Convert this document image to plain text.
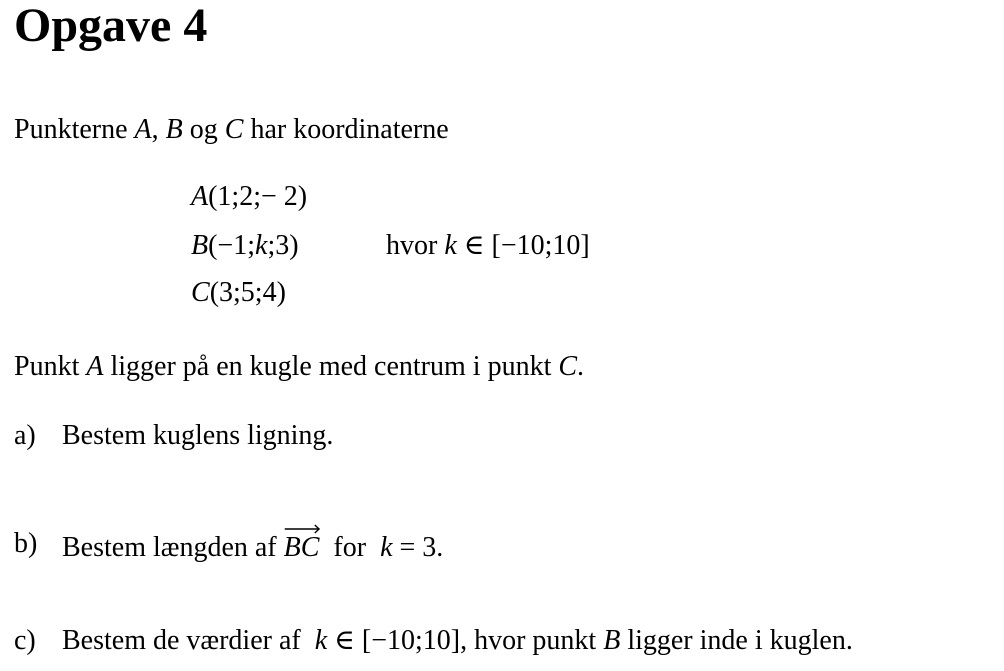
Opgave 4
Punkterne A, B og C har koordinaterne
A(1;2;− 2)
B(−1;k;3)	hvor k ∈ [−10;10]
C(3;5;4)
Punkt A ligger på en kugle med centrum i punkt C.
a) Bestem kuglens ligning.
b) Bestem længden af
BC  for  k = 3.
c) Bestem de værdier af  k ∈ [−10;10], hvor punkt B ligger inde i kuglen.
